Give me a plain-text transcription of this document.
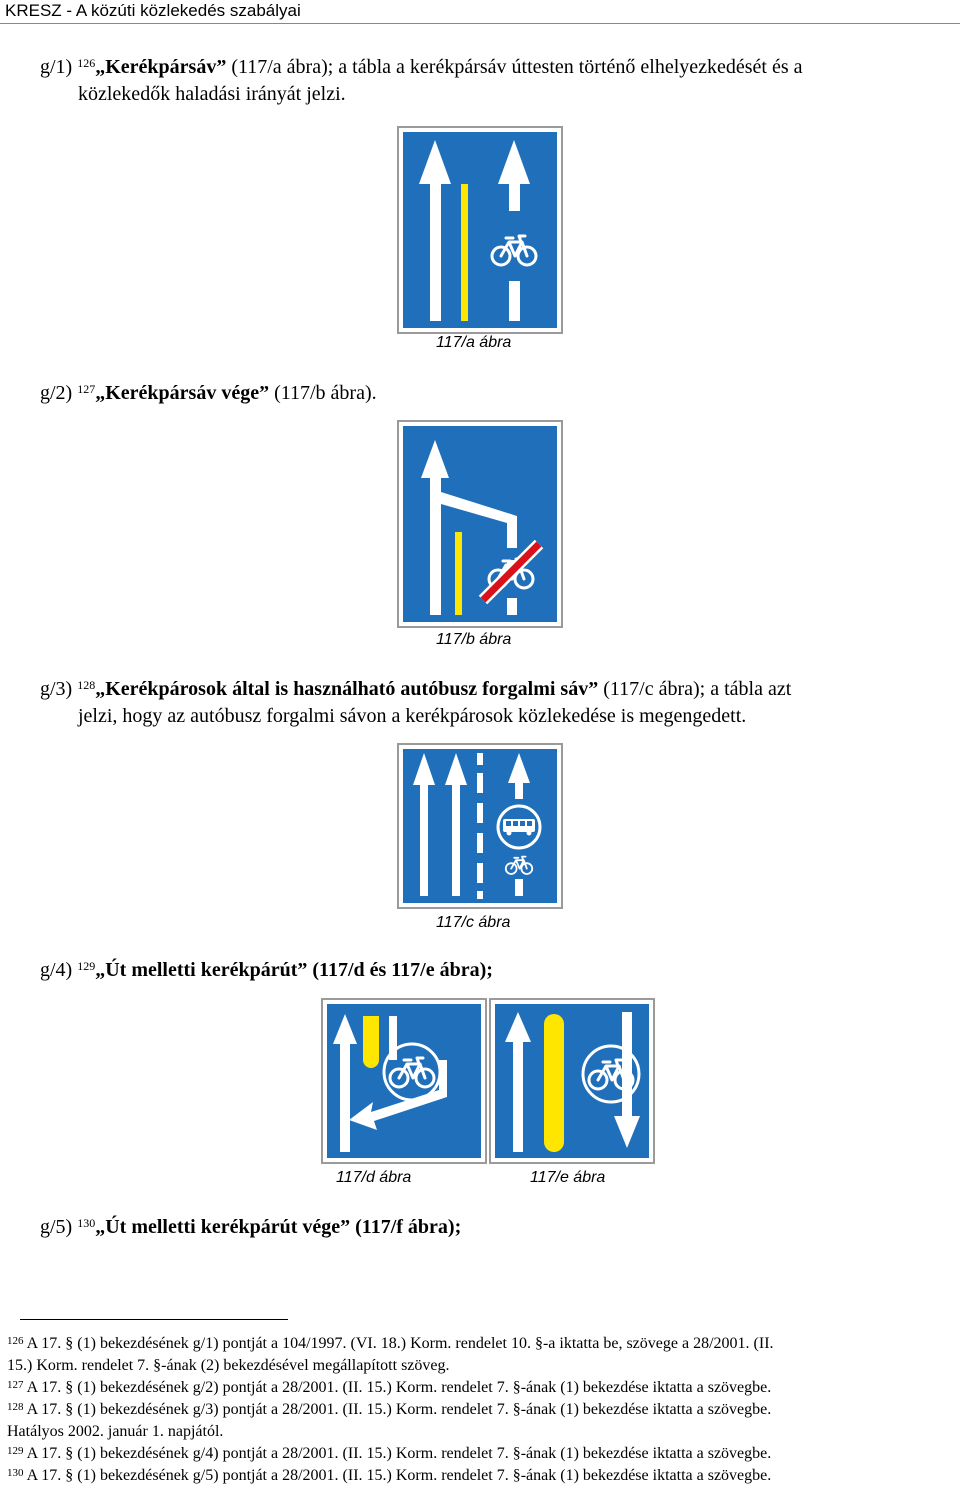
KRESZ - A közúti közlekedés szabályai
g/1) $^{126}$„Kerékpársáv” (117/a ábra); a tábla a kerékpársáv úttesten történő elhelyezkedését és a
közlekedők haladási irányát jelzi.
117/a ábra
g/2) $^{127}$„Kerékpársáv vége” (117/b ábra).
117/b ábra
g/3) $^{128}$„Kerékpárosok által is használható autóbusz forgalmi sáv” (117/c ábra); a tábla azt
jelzi, hogy az autóbusz forgalmi sávon a kerékpárosok közlekedése is megengedett.
117/c ábra
g/4) $^{129}$„Út melletti kerékpárút” (117/d és 117/e ábra);
117/d ábra	117/e ábra
g/5) $^{130}$„Út melletti kerékpárút vége” (117/f ábra);
$^{126}$ A 17. § (1) bekezdésének g/1) pontját a 104/1997. (VI. 18.) Korm. rendelet 10. §-a iktatta be, szövege a 28/2001. (II.
15.) Korm. rendelet 7. §-ának (2) bekezdésével megállapított szöveg.
$^{127}$ A 17. § (1) bekezdésének g/2) pontját a 28/2001. (II. 15.) Korm. rendelet 7. §-ának (1) bekezdése iktatta a szövegbe.
$^{128}$ A 17. § (1) bekezdésének g/3) pontját a 28/2001. (II. 15.) Korm. rendelet 7. §-ának (1) bekezdése iktatta a szövegbe.
Hatályos 2002. január 1. napjától.
$^{129}$ A 17. § (1) bekezdésének g/4) pontját a 28/2001. (II. 15.) Korm. rendelet 7. §-ának (1) bekezdése iktatta a szövegbe.
$^{130}$ A 17. § (1) bekezdésének g/5) pontját a 28/2001. (II. 15.) Korm. rendelet 7. §-ának (1) bekezdése iktatta a szövegbe.
